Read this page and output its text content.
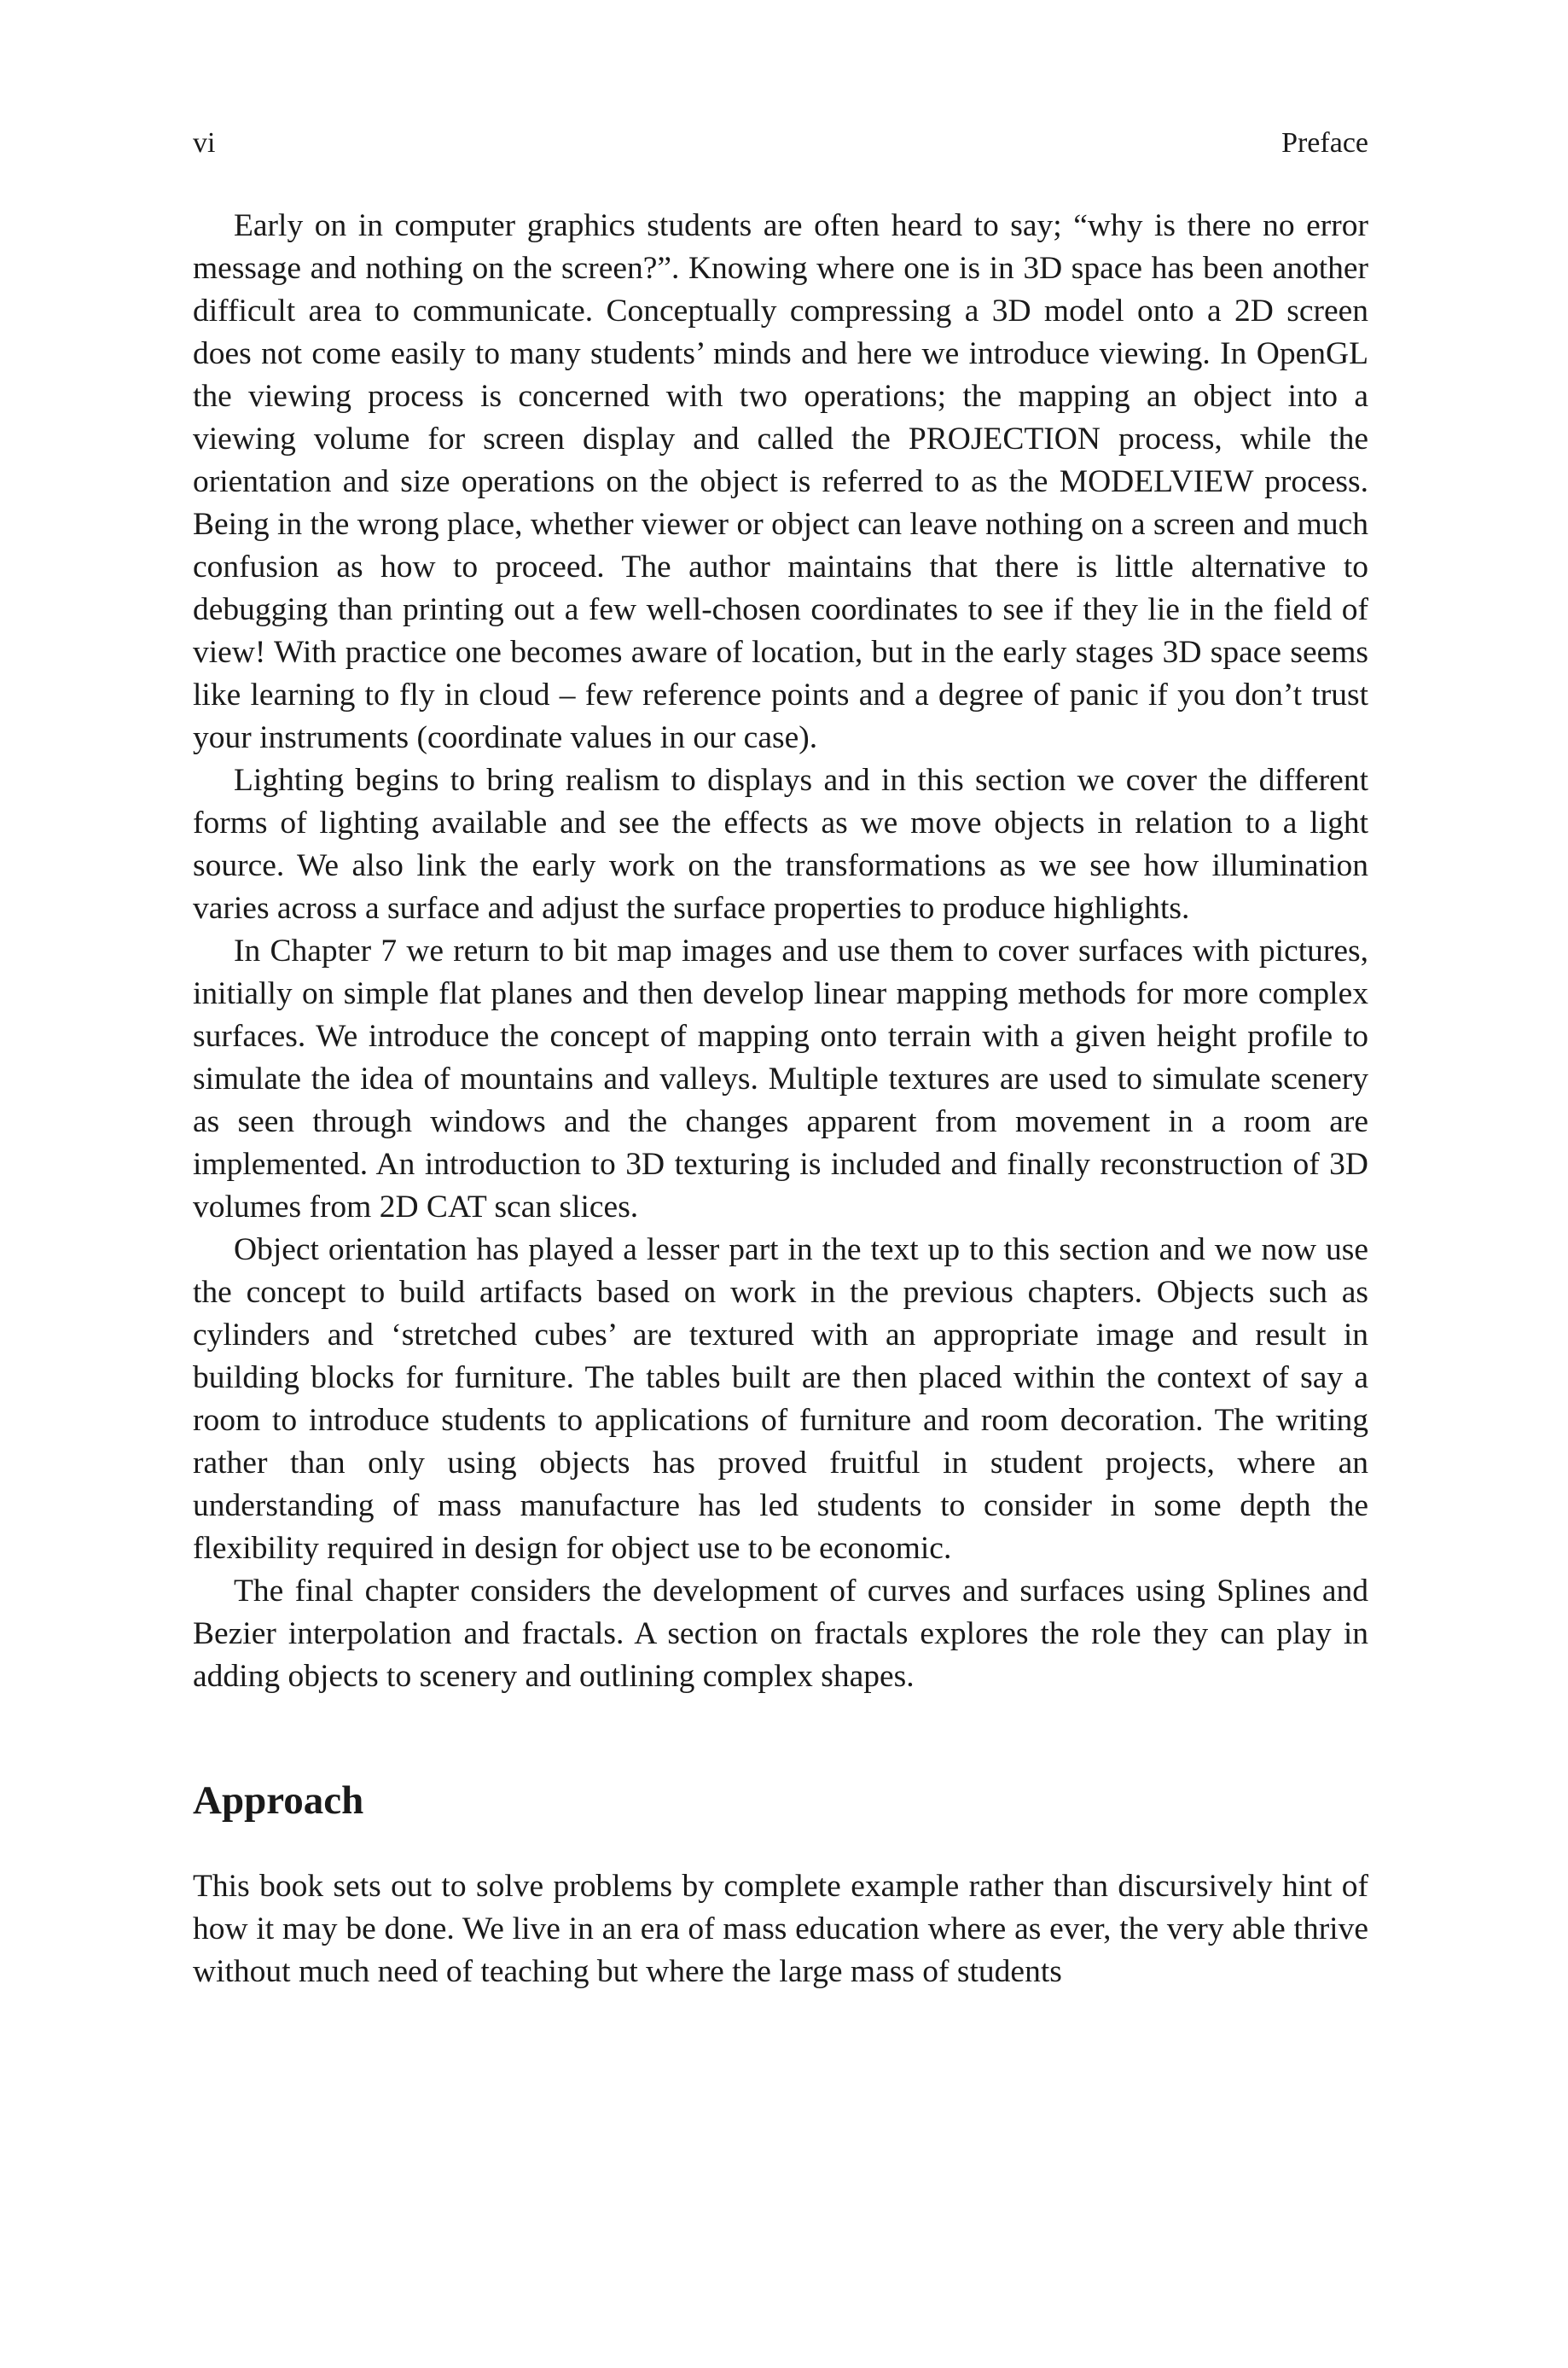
vi	Preface

Early on in computer graphics students are often heard to say; “why is there no error message and nothing on the screen?”. Knowing where one is in 3D space has been another difficult area to communicate. Conceptually compressing a 3D model onto a 2D screen does not come easily to many students’ minds and here we introduce viewing. In OpenGL the viewing process is concerned with two operations; the mapping an object into a viewing volume for screen display and called the PROJECTION process, while the orientation and size operations on the object is referred to as the MODELVIEW process. Being in the wrong place, whether viewer or object can leave nothing on a screen and much confusion as how to proceed. The author maintains that there is little alternative to debugging than printing out a few well-chosen coordinates to see if they lie in the field of view! With practice one becomes aware of location, but in the early stages 3D space seems like learning to fly in cloud – few reference points and a degree of panic if you don’t trust your instruments (coordinate values in our case).

Lighting begins to bring realism to displays and in this section we cover the different forms of lighting available and see the effects as we move objects in relation to a light source. We also link the early work on the transformations as we see how illumination varies across a surface and adjust the surface properties to produce highlights.

In Chapter 7 we return to bit map images and use them to cover surfaces with pictures, initially on simple flat planes and then develop linear mapping methods for more complex surfaces. We introduce the concept of mapping onto terrain with a given height profile to simulate the idea of mountains and valleys. Multiple textures are used to simulate scenery as seen through windows and the changes apparent from movement in a room are implemented. An introduction to 3D texturing is included and finally reconstruction of 3D volumes from 2D CAT scan slices.

Object orientation has played a lesser part in the text up to this section and we now use the concept to build artifacts based on work in the previous chapters. Objects such as cylinders and ‘stretched cubes’ are textured with an appropriate image and result in building blocks for furniture. The tables built are then placed within the context of say a room to introduce students to applications of furniture and room decoration. The writing rather than only using objects has proved fruitful in student projects, where an understanding of mass manufacture has led students to consider in some depth the flexibility required in design for object use to be economic.

The final chapter considers the development of curves and surfaces using Splines and Bezier interpolation and fractals. A section on fractals explores the role they can play in adding objects to scenery and outlining complex shapes.

Approach

This book sets out to solve problems by complete example rather than discursively hint of how it may be done. We live in an era of mass education where as ever, the very able thrive without much need of teaching but where the large mass of students
